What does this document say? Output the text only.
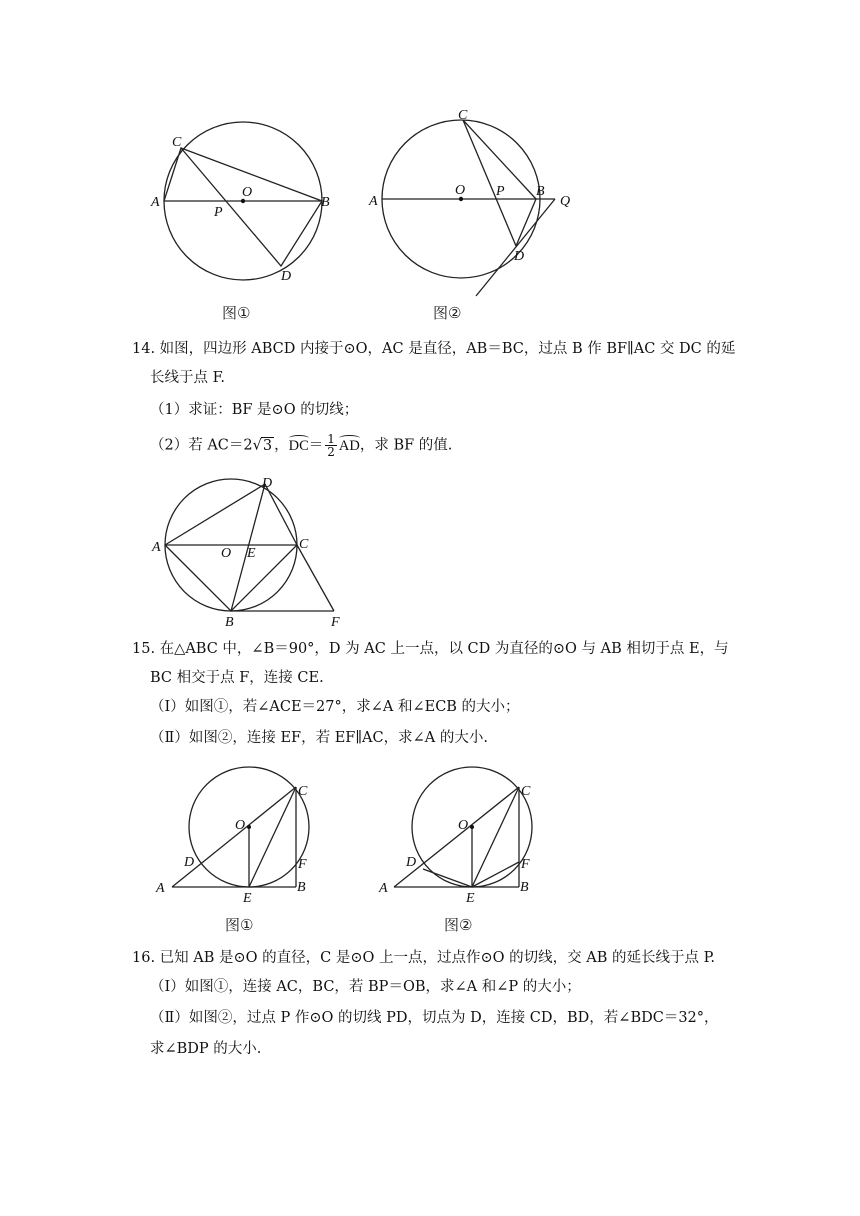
C
A
O
P
B
D
图①
C
A
O P B
Q
D
图②
14. 如图，四边形 ABCD 内接于⊙O，AC 是直径，AB＝BC，过点 B 作 BF∥AC 交 DC 的延
长线于点 F.
（1）求证：BF 是⊙O 的切线；
（2）若 AC＝2√3 ，$DC= \frac{1}{2}$ AD，求 BF 的值.
D
A	O E
C
B	F
15. 在△ABC 中，∠B＝90°，D 为 AC 上一点，以 CD 为直径的⊙O 与 AB 相切于点 E，与
BC 相交于点 F，连接 CE.
（Ⅰ）如图①，若∠ACE＝27°，求∠A 和∠ECB 的大小；
（Ⅱ）如图②，连接 EF，若 EF∥AC，求∠A 的大小.
C
O
D	F
A
E
B
图①
C
O
D	F
A
E
B
图②
16. 已知 AB 是⊙O 的直径，C 是⊙O 上一点，过点作⊙O 的切线，交 AB 的延长线于点 P.
（Ⅰ）如图①，连接 AC，BC，若 BP＝OB，求∠A 和∠P 的大小；
（Ⅱ）如图②，过点 P 作⊙O 的切线 PD，切点为 D，连接 CD，BD，若∠BDC＝32°，
求∠BDP 的大小.
